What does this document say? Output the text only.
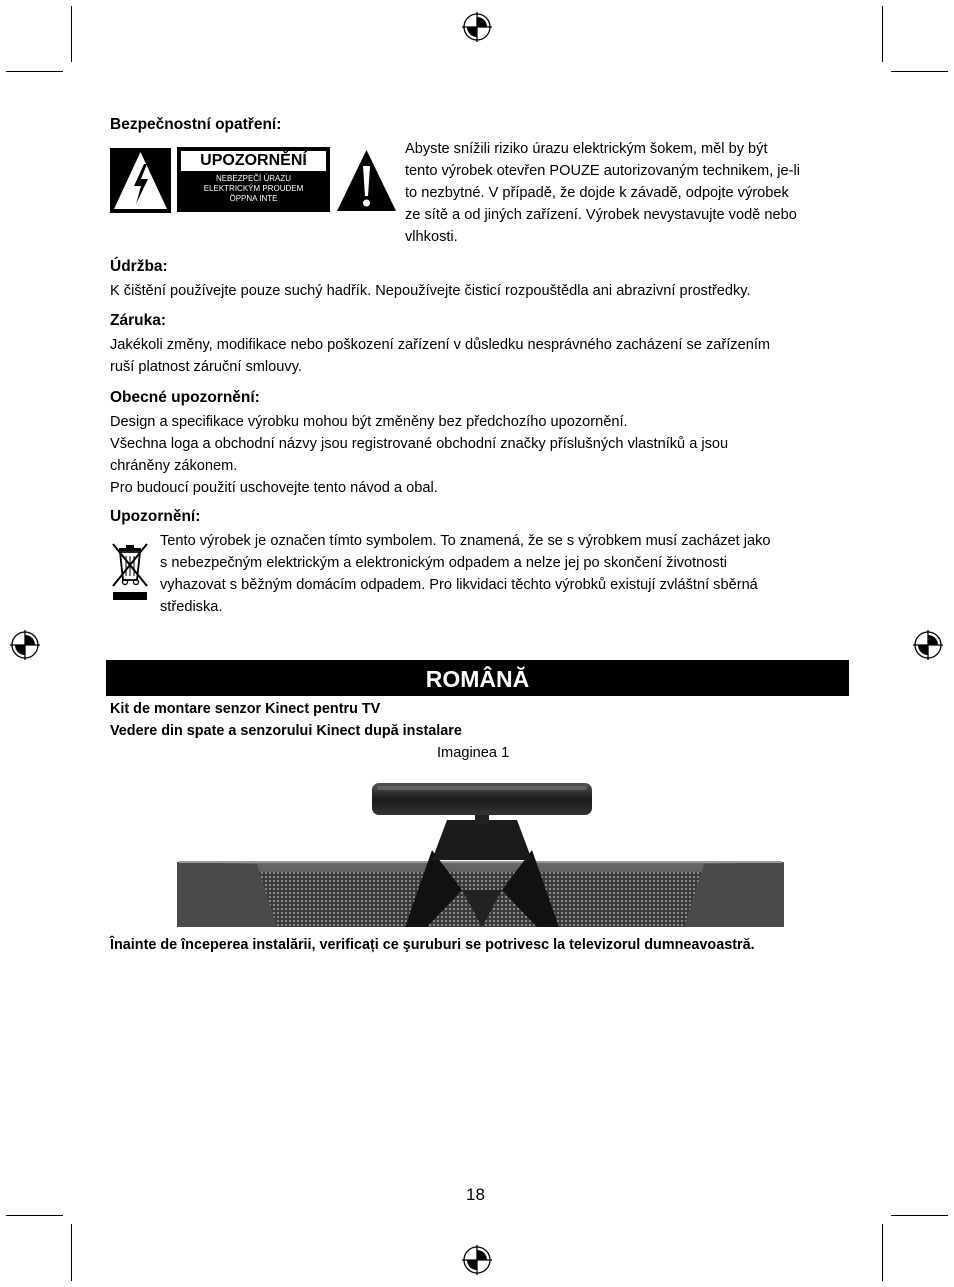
Bezpečnostní opatření:
UPOZORNĚNÍ
NEBEZPEČÍ ÚRAZU
ELEKTRICKÝM PROUDEM
ÖPPNA INTE
Abyste snížili riziko úrazu elektrickým šokem, měl by být
tento výrobek otevřen POUZE autorizovaným technikem, je-li
to nezbytné. V případě, že dojde k závadě, odpojte výrobek
ze sítě a od jiných zařízení. Výrobek nevystavujte vodě nebo
vlhkosti.
Údržba:
K čištění používejte pouze suchý hadřík. Nepoužívejte čisticí rozpouštědla ani abrazivní prostředky.
Záruka:
Jakékoli změny, modifikace nebo poškození zařízení v důsledku nesprávného zacházení se zařízením
ruší platnost záruční smlouvy.
Obecné upozornění:
Design a specifikace výrobku mohou být změněny bez předchozího upozornění.
Všechna loga a obchodní názvy jsou registrované obchodní značky příslušných vlastníků a jsou
chráněny zákonem.
Pro budoucí použití uschovejte tento návod a obal.
Upozornění:
Tento výrobek je označen tímto symbolem. To znamená, že se s výrobkem musí zacházet jako
s nebezpečným elektrickým a elektronickým odpadem a nelze jej po skončení životnosti
vyhazovat s běžným domácím odpadem. Pro likvidaci těchto výrobků existují zvláštní sběrná
střediska.
ROMÂNĂ
Kit de montare senzor Kinect pentru TV
Vedere din spate a senzorului Kinect după instalare
Imaginea 1
Înainte de începerea instalării, verificați ce şuruburi se potrivesc la televizorul dumneavoastră.
18
